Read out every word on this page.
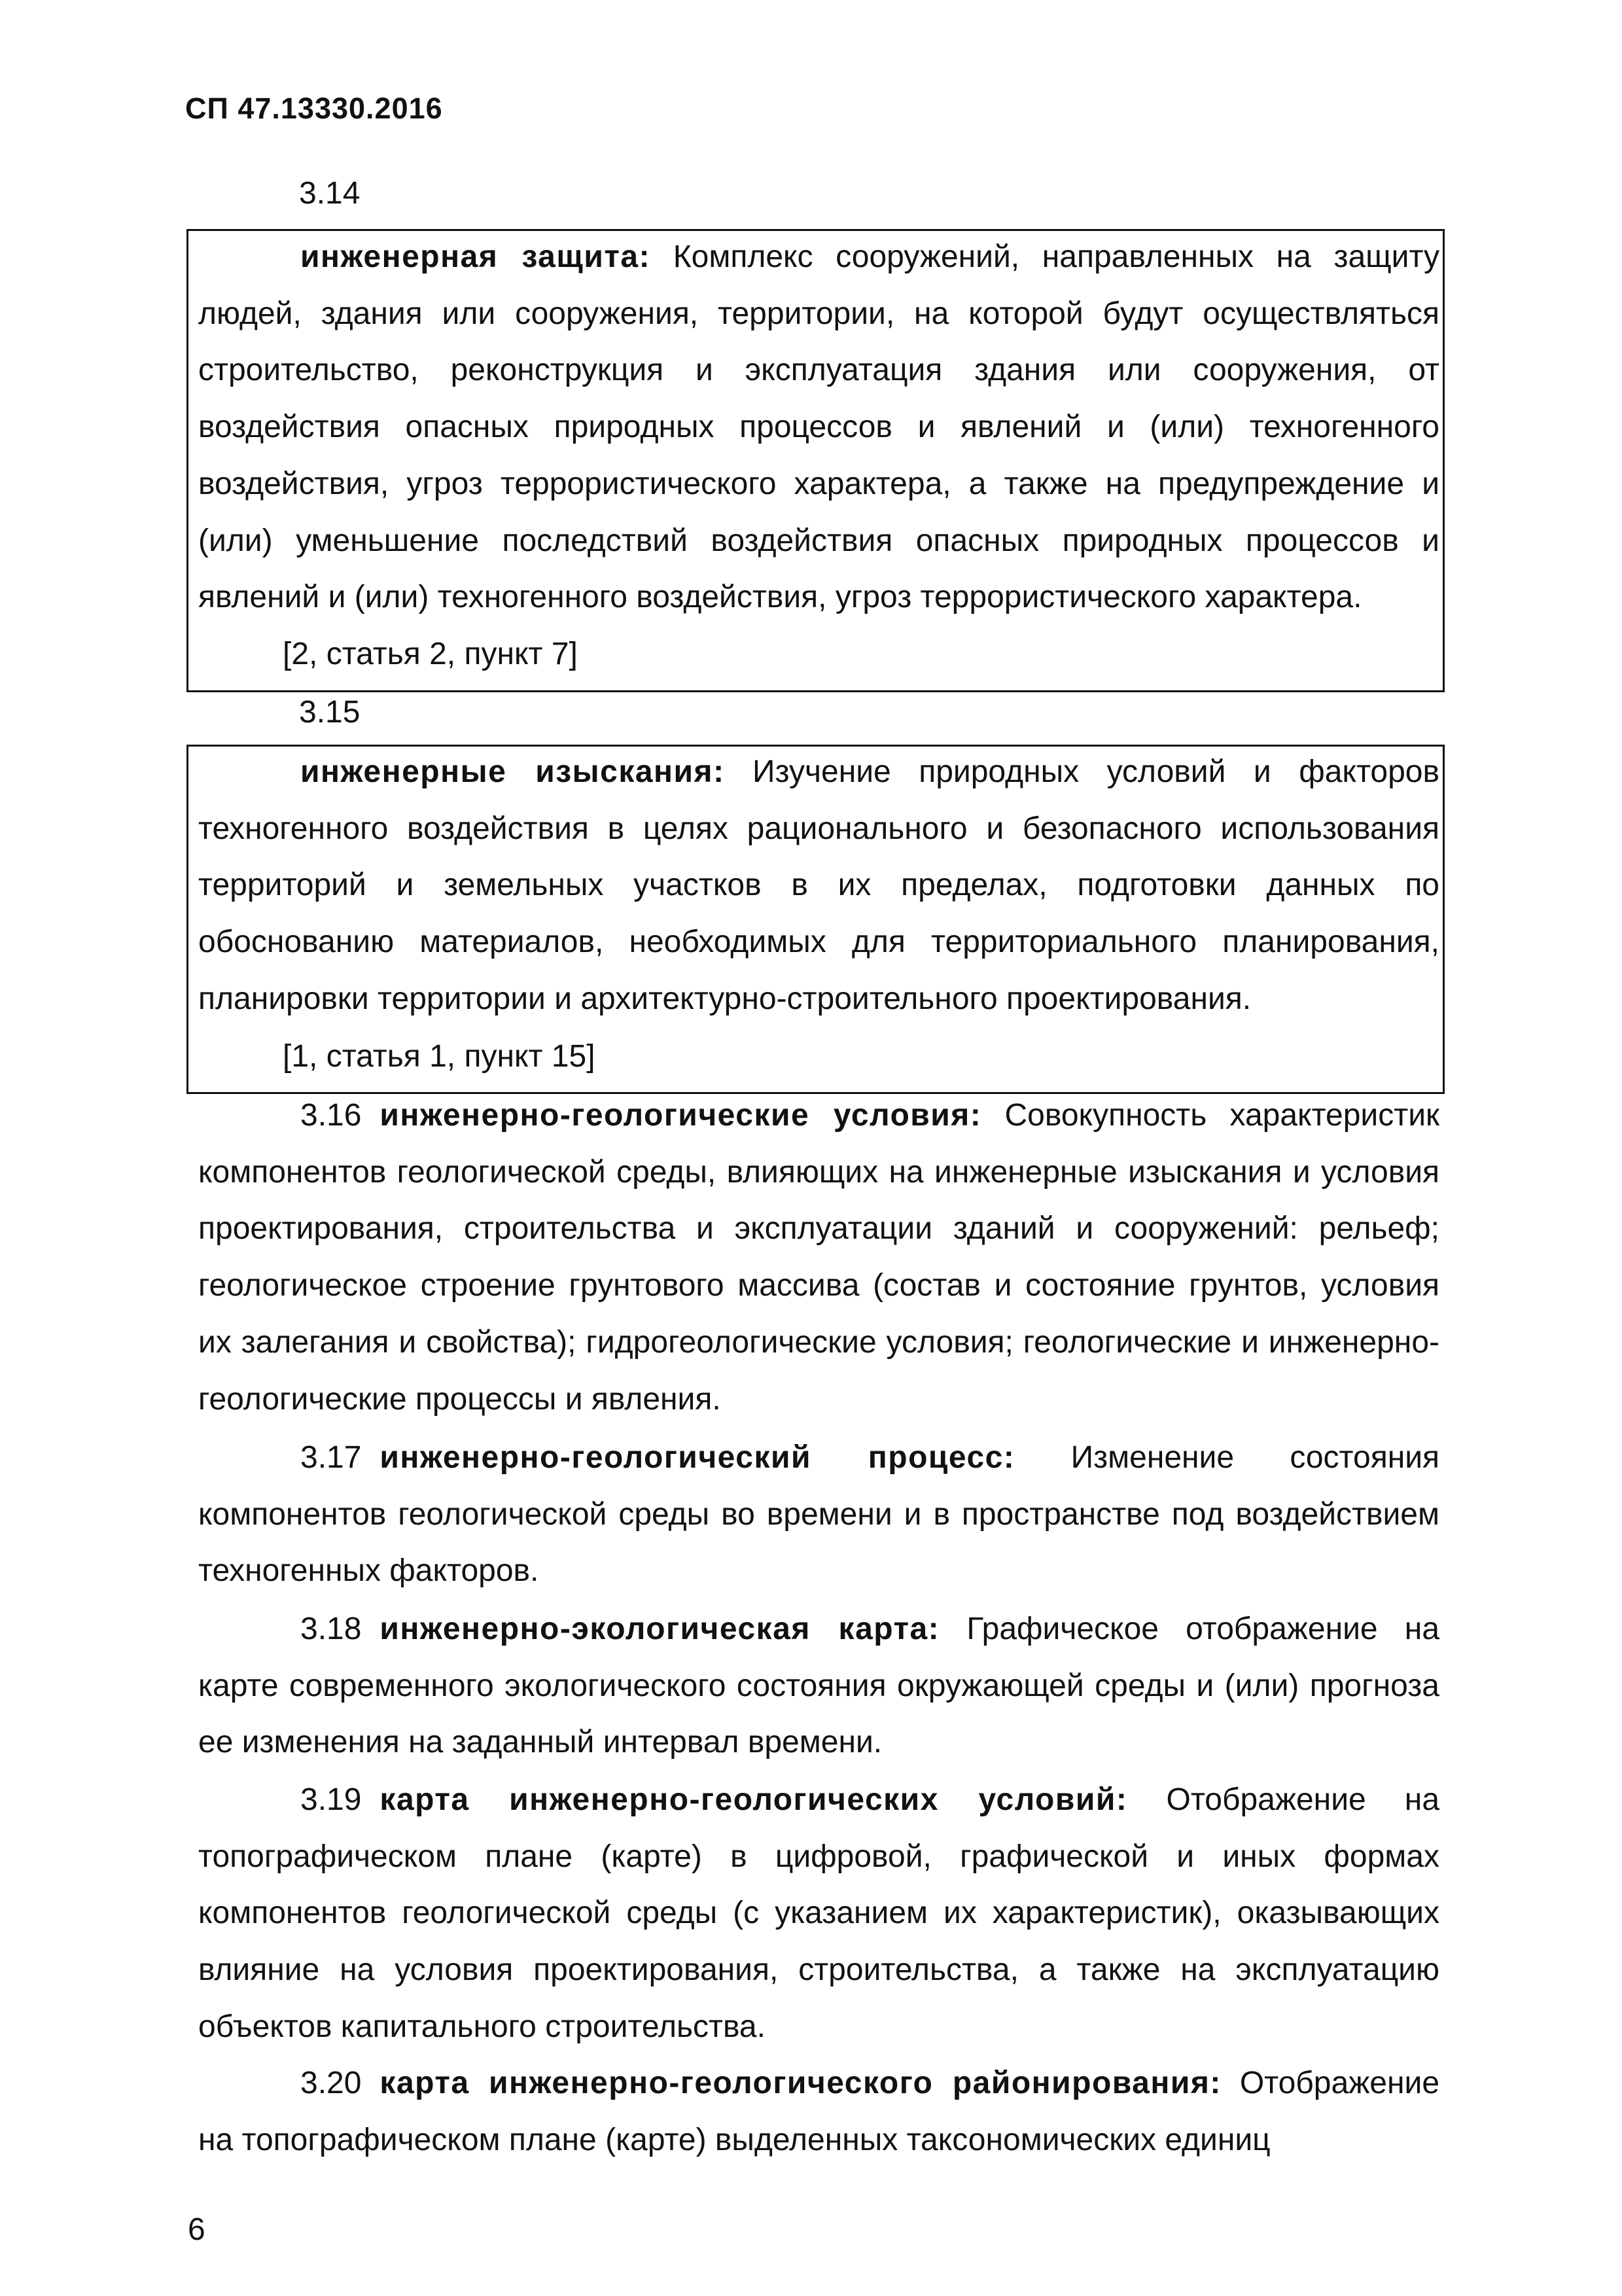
СП 47.13330.2016
3.14

инженерная защита: Комплекс сооружений, направленных на защиту людей, здания или сооружения, территории, на которой будут осуществляться строительство, реконструкция и эксплуатация здания или сооружения, от воздействия опасных природных процессов и явлений и (или) техногенного воздействия, угроз террористического характера, а также на предупреждение и (или) уменьшение последствий воздействия опасных природных процессов и явлений и (или) техногенного воздействия, угроз террористического характера.

[2, статья 2, пункт 7]
3.15

инженерные изыскания: Изучение природных условий и факторов техногенного воздействия в целях рационального и безопасного использования территорий и земельных участков в их пределах, подготовки данных по обоснованию материалов, необходимых для территориального планирования, планировки территории и архитектурно-строительного проектирования.

[1, статья 1, пункт 15]

3.16 инженерно-геологические условия: Совокупность характеристик компонентов геологической среды, влияющих на инженерные изыскания и условия проектирования, строительства и эксплуатации зданий и сооружений: рельеф; геологическое строение грунтового массива (состав и состояние грунтов, условия их залегания и свойства); гидрогеологические условия; геологические и инженерно-геологические процессы и явления.

3.17 инженерно-геологический процесс: Изменение состояния компонентов геологической среды во времени и в пространстве под воздействием техногенных факторов.

3.18 инженерно-экологическая карта: Графическое отображение на карте современного экологического состояния окружающей среды и (или) прогноза ее изменения на заданный интервал времени.

3.19 карта инженерно-геологических условий: Отображение на топографическом плане (карте) в цифровой, графической и иных формах компонентов геологической среды (с указанием их характеристик), оказывающих влияние на условия проектирования, строительства, а также на эксплуатацию объектов капитального строительства.

3.20 карта инженерно-геологического районирования: Отображение на топографическом плане (карте) выделенных таксономических единиц

6
